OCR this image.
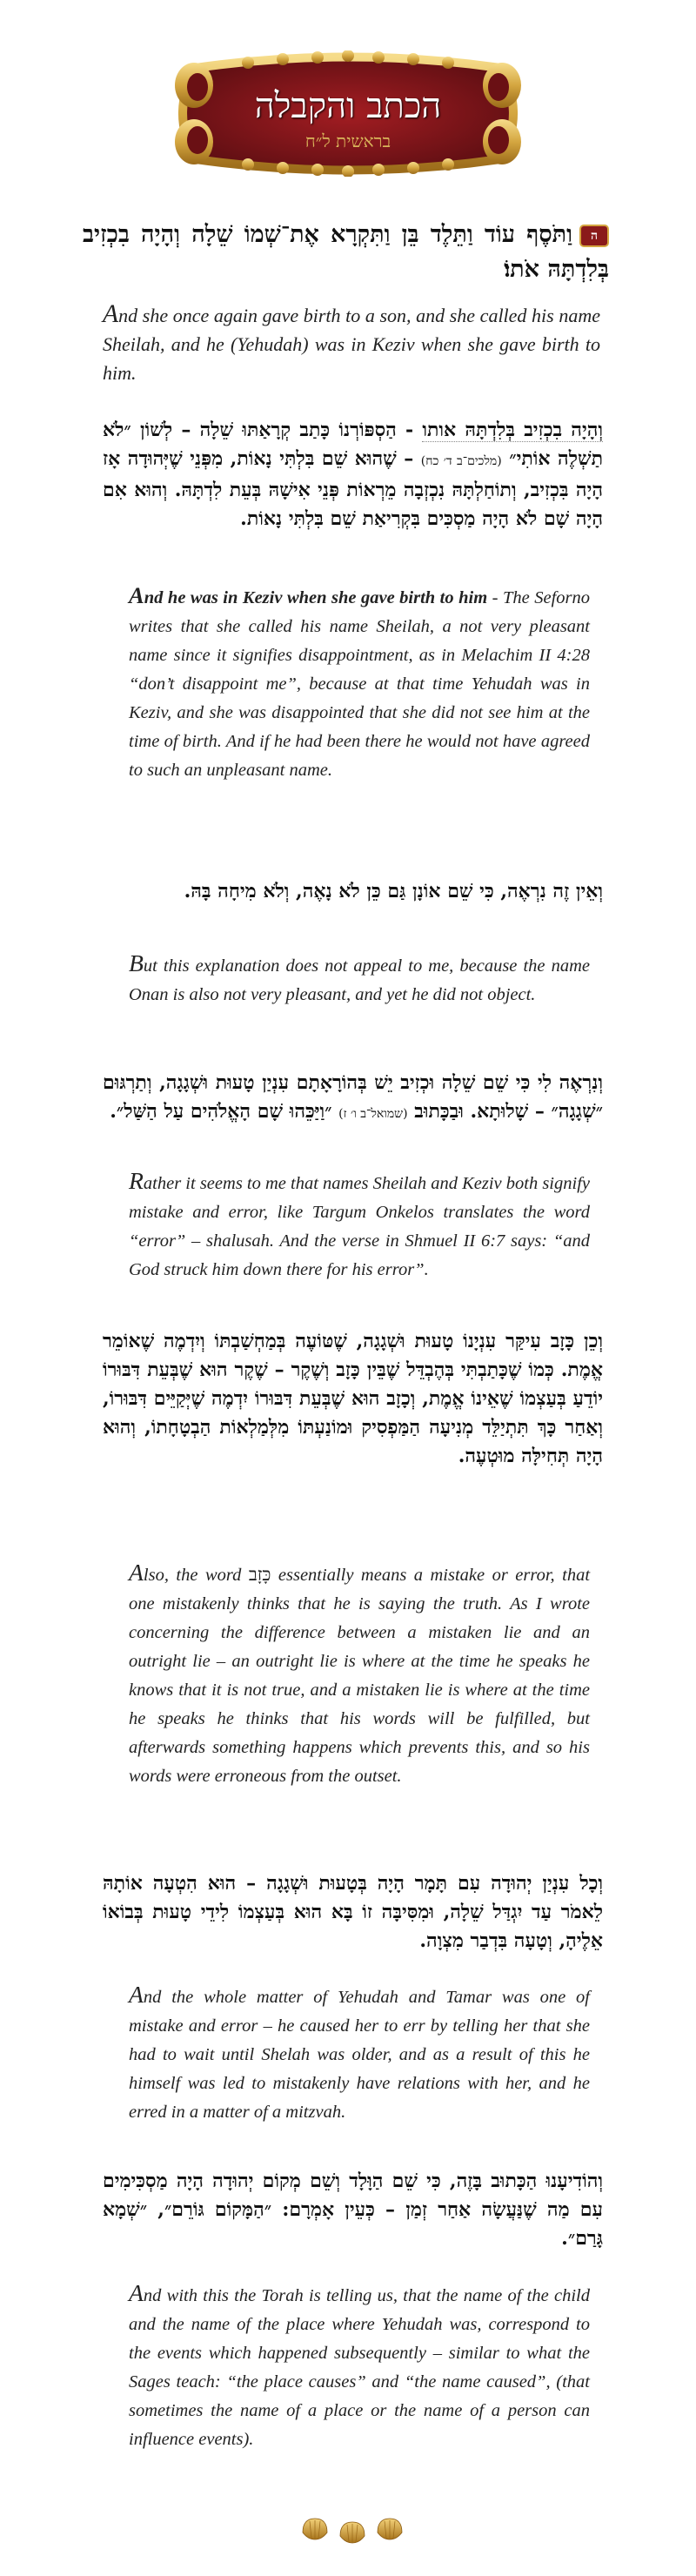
הכתב והקבלה
בראשית ל״ח
הוַתֹּסֶף עוֹד וַתֵּלֶד בֵּן וַתִּקְרָא אֶת־שְׁמוֹ שֵׁלָה וְהָיָה בִכְזִיב בְּלִדְתָּהּ אֹתוֹ׃
And she once again gave birth to a son, and she called his name Sheilah, and he (Yehudah) was in Keziv when she gave birth to him.
וְהָיָה בִכְזִיב בְּלִדְתָּהּ אותו - הַסְפּוֹרְנוֹ כָּתַב קְרָאַתּוּ שֵׁלָה – לְשׁוֹן ״לֹא תַשְׁלֶה אוֹתִי״ (מלכים־ב ד׳ כח) – שֶׁהוּא שֵׁם בִּלְתִּי נָאוֹת, מִפְּנֵי שֶׁיְּהוּדָה אָז הָיָה בִּכְזִיב, וְתוֹחַלְתָּהּ נִכְזְבָה מֵרְאוֹת פְּנֵי אִישָׁהּ בְּעֵת לִדְתָּהּ. וְהוּא אִם הָיָה שָׁם לֹא הָיָה מַסְכִּים בִּקְרִיאַת שֵׁם בִּלְתִּי נָאוֹת.
And he was in Keziv when she gave birth to him - The Seforno writes that she called his name Sheilah, a not very pleasant name since it signifies disappointment, as in Melachim II 4:28 “don’t disappoint me”, because at that time Yehudah was in Keziv, and she was disappointed that she did not see him at the time of birth. And if he had been there he would not have agreed to such an unpleasant name.
וְאֵין זֶה נִרְאֶה, כִּי שֵׁם אוֹנָן גַּם כֵּן לֹא נָאֶה, וְלֹא מִיחָה בָּהּ.
But this explanation does not appeal to me, because the name Onan is also not very pleasant, and yet he did not object.
וְנִרְאֶה לִי כִּי שֵׁם שֵׁלָה וּכְזִיב יֵשׁ בְּהוֹרָאָתָם עִנְיַן טָעוּת וּשְׁגָגָה, וְתַרְגּוּם ״שְׁגָגָה״ – שָׁלוּתָא. וּבַכָּתוּב (שמואל־ב ו׳ ז) ״וַיַּכֵּהוּ שָׁם הָאֱלֹהִים עַל הַשַּׁל״.
Rather it seems to me that names Sheilah and Keziv both signify mistake and error, like Targum Onkelos translates the word “error” – shalusah. And the verse in Shmuel II 6:7 says: “and God struck him down there for his error”.
וְכֵן כָּזָב עִיקַּר עִנְיָנוֹ טָעוּת וּשְׁגָגָה, שֶׁטּוֹעֶה בְּמַחְשַׁבְתּוֹ וְיִדְמֶה שֶׁאוֹמֵר אֱמֶת. כְּמוֹ שֶׁכָּתַבְתִּי בְּהֶבְדֵּל שֶׁבֵּין כָּזָב וְשֶׁקֶר – שֶׁקֶר הוּא שֶׁבְּעֵת דִּבּוּרוֹ יוֹדֵעַ בְּעַצְמוֹ שֶׁאֵינוֹ אֱמֶת, וְכָזָב הוּא שֶׁבְּעֵת דִּבּוּרוֹ יִדְמֶה שֶׁיְּקַיֵּים דִּבּוּרוֹ, וְאַחַר כָּךְ תִּתְיַלֵּד מְנִיעָה הַמַּפְסִיק וּמוֹנַעְתּוֹ מִלְּמַלְאוֹת הַבְטָחָתוֹ, וְהוּא הָיָה תְּחִילָּה מוּטְעֶה.
Also, the word כָּזָב essentially means a mistake or error, that one mistakenly thinks that he is saying the truth. As I wrote concerning the difference between a mistaken lie and an outright lie – an outright lie is where at the time he speaks he knows that it is not true, and a mistaken lie is where at the time he speaks he thinks that his words will be fulfilled, but afterwards something happens which prevents this, and so his words were erroneous from the outset.
וְכָל עִנְיַן יְהוּדָה עִם תָּמָר הָיָה בְּטָעוּת וּשְׁגָגָה – הוּא הִטְעָה אוֹתָהּ לֵאמֹר עַד יִגְדַּל שֵׁלָה, וּמִסִּיבָּה זוֹ בָּא הוּא בְּעַצְמוֹ לִידֵי טָעוּת בְּבוֹאוֹ אֵלֶיהָ, וְטָעָה בִּדְבַר מִצְוָה.
And the whole matter of Yehudah and Tamar was one of mistake and error – he caused her to err by telling her that she had to wait until Shelah was older, and as a result of this he himself was led to mistakenly have relations with her, and he erred in a matter of a mitzvah.
וְהוֹדִיעָנוּ הַכָּתוּב בָּזֶה, כִּי שֵׁם הַוָּלָד וְשֵׁם מְקוֹם יְהוּדָה הָיָה מַסְכִּימִים עִם מַה שֶׁנַּעֲשָׂה אַחַר זְמַן – כְּעֵין אָמְרָם: ״הַמָּקוֹם גּוֹרֵם״, ״שְׁמָא גָּרַם״.
And with this the Torah is telling us, that the name of the child and the name of the place where Yehudah was, correspond to the events which happened subsequently – similar to what the Sages teach: “the place causes” and “the name caused”, (that sometimes the name of a place or the name of a person can influence events).
